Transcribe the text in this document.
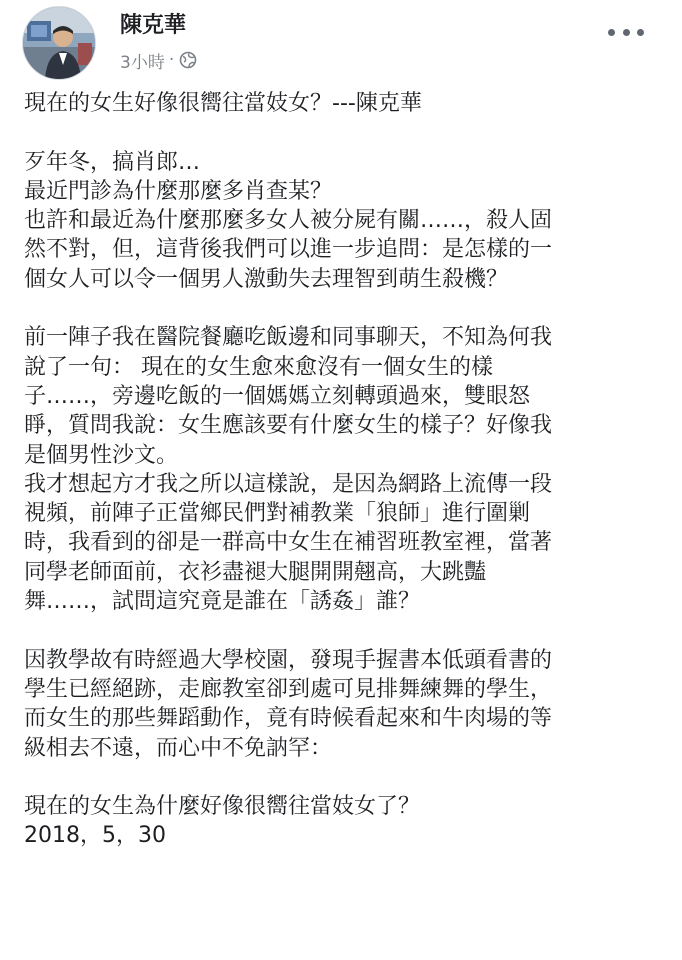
陳克華
3小時 ·
現在的女生好像很嚮往當妓女？---陳克華
歹年冬，搞肖郎…
最近門診為什麼那麼多肖查某？
也許和最近為什麼那麼多女人被分屍有關……，殺人固
然不對，但，這背後我們可以進一步追問：是怎樣的一
個女人可以令一個男人激動失去理智到萌生殺機？
前一陣子我在醫院餐廳吃飯邊和同事聊天，不知為何我
說了一句： 現在的女生愈來愈沒有一個女生的樣
子……，旁邊吃飯的一個媽媽立刻轉頭過來，雙眼怒
睜，質問我說：女生應該要有什麼女生的樣子？好像我
是個男性沙文。
我才想起方才我之所以這樣說，是因為網路上流傳一段
視頻，前陣子正當鄉民們對補教業「狼師」進行圍剿
時，我看到的卻是一群高中女生在補習班教室裡，當著
同學老師面前，衣衫盡褪大腿開開翹高，大跳豔
舞……，試問這究竟是誰在「誘姦」誰？
因教學故有時經過大學校園，發現手握書本低頭看書的
學生已經絕跡，走廊教室卻到處可見排舞練舞的學生，
而女生的那些舞蹈動作，竟有時候看起來和牛肉場的等
級相去不遠，而心中不免訥罕：
現在的女生為什麼好像很嚮往當妓女了？
2018，5，30
